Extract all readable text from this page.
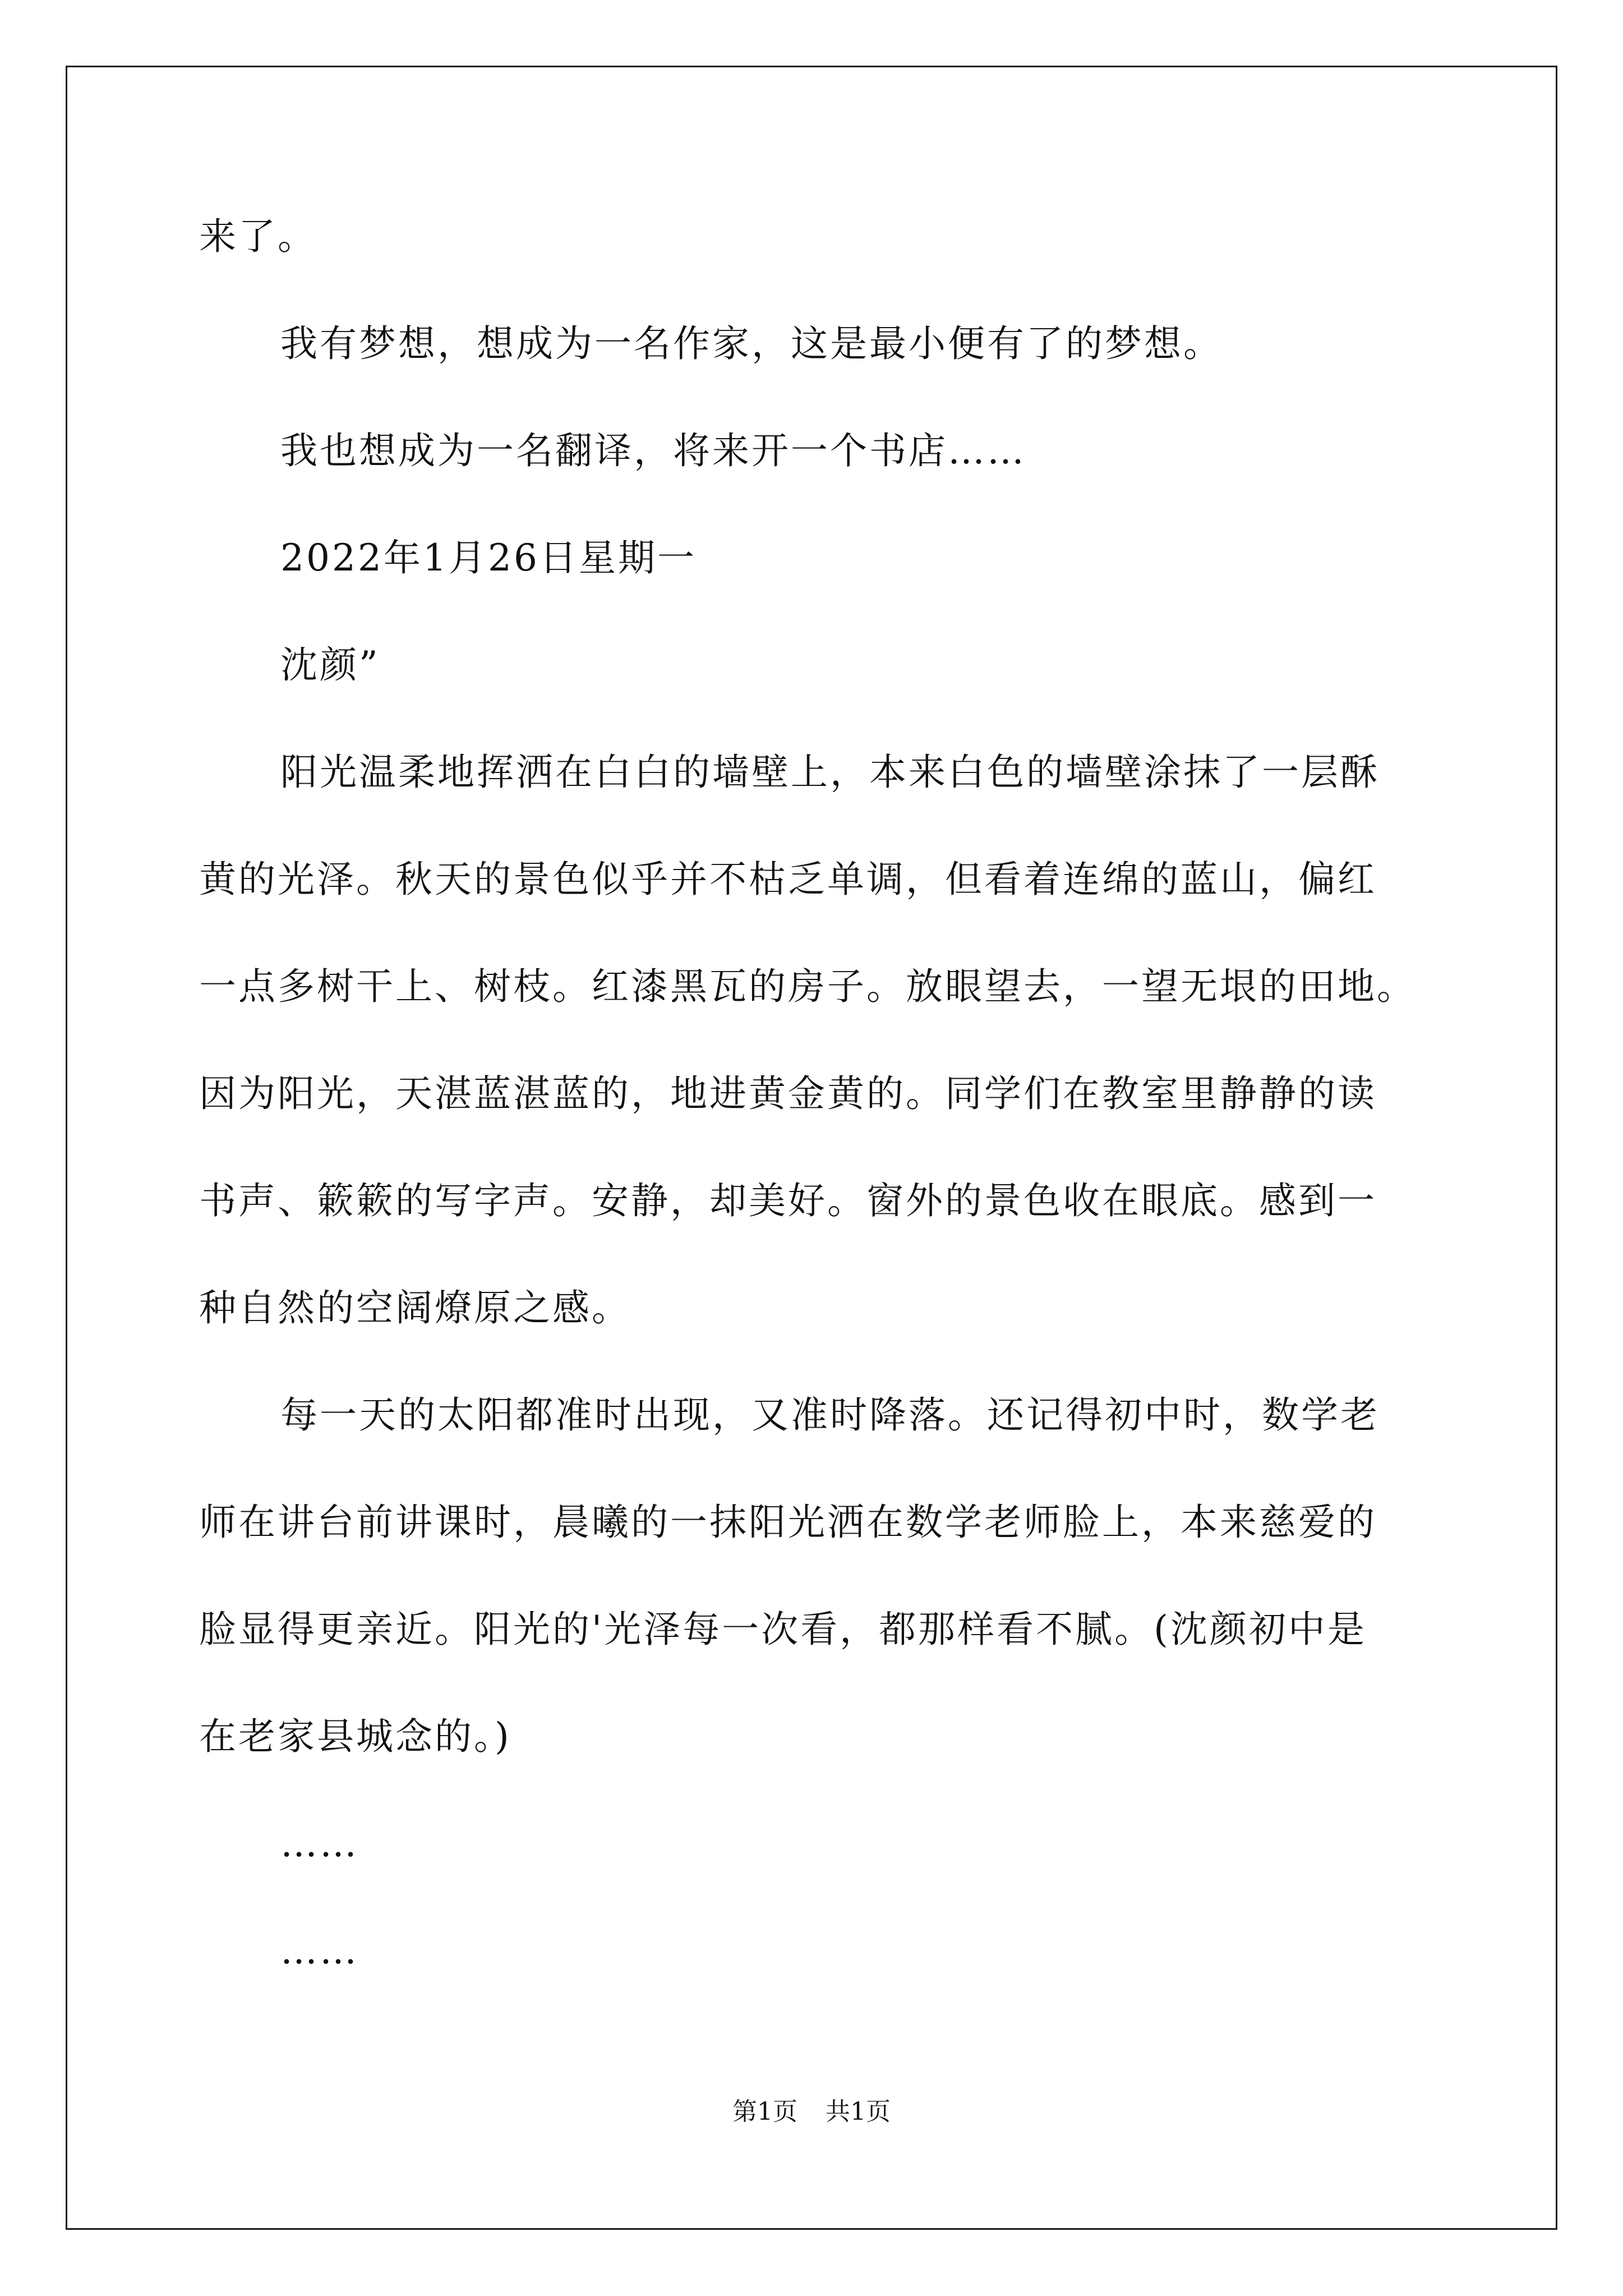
来了。
我有梦想，想成为一名作家，这是最小便有了的梦想。
我也想成为一名翻译，将来开一个书店……
2022年1月26日星期一
沈颜”
阳光温柔地挥洒在白白的墙壁上，本来白色的墙壁涂抹了一层酥
黄的光泽。秋天的景色似乎并不枯乏单调，但看着连绵的蓝山，偏红
一点多树干上、树枝。红漆黑瓦的房子。放眼望去，一望无垠的田地。
因为阳光，天湛蓝湛蓝的，地进黄金黄的。同学们在教室里静静的读
书声、簌簌的写字声。安静，却美好。窗外的景色收在眼底。感到一
种自然的空阔燎原之感。
每一天的太阳都准时出现，又准时降落。还记得初中时，数学老
师在讲台前讲课时，晨曦的一抹阳光洒在数学老师脸上，本来慈爱的
脸显得更亲近。阳光的'光泽每一次看，都那样看不腻。(沈颜初中是
在老家县城念的。)
……
……
第1页 共1页
